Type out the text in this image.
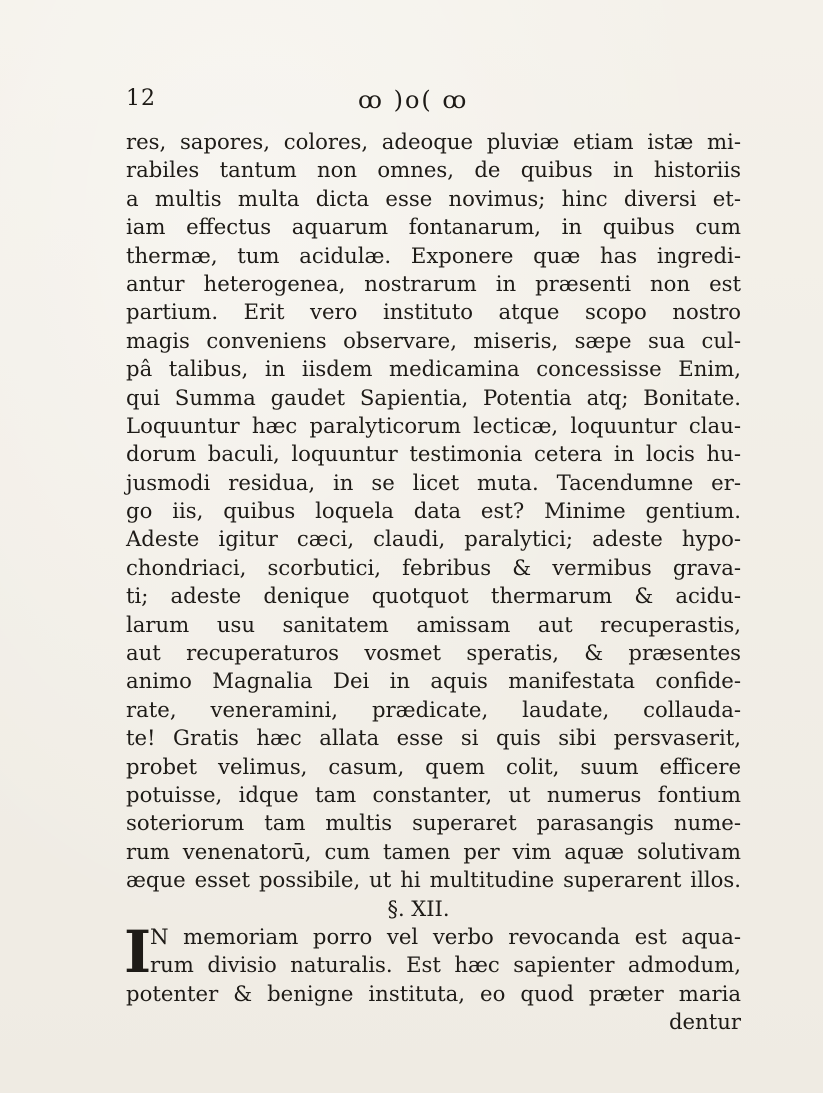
12	ꝏ )o( ꝏ
res, sapores, colores, adeoque pluviæ etiam istæ mi-
rabiles tantum non omnes, de quibus in historiis
a multis multa dicta esse novimus; hinc diversi et-
iam effectus aquarum fontanarum, in quibus cum
thermæ, tum acidulæ. Exponere quæ has ingredi-
antur heterogenea, nostrarum in præsenti non est
partium. Erit vero instituto atque scopo nostro
magis conveniens observare, miseris, sæpe sua cul-
pâ talibus, in iisdem medicamina concessisse Enim,
qui Summa gaudet Sapientia, Potentia atq; Bonitate.
Loquuntur hæc paralyticorum lecticæ, loquuntur clau-
dorum baculi, loquuntur testimonia cetera in locis hu-
jusmodi residua, in se licet muta. Tacendumne er-
go iis, quibus loquela data est? Minime gentium.
Adeste igitur cæci, claudi, paralytici; adeste hypo-
chondriaci, scorbutici, febribus & vermibus grava-
ti; adeste denique quotquot thermarum & acidu-
larum usu sanitatem amissam aut recuperastis,
aut recuperaturos vosmet speratis, & præsentes
animo Magnalia Dei in aquis manifestata confide-
rate, veneramini, prædicate, laudate, collauda-
te! Gratis hæc allata esse si quis sibi persvaserit,
probet velimus, casum, quem colit, suum efficere
potuisse, idque tam constanter, ut numerus fontium
soteriorum tam multis superaret parasangis nume-
rum venenatorū, cum tamen per vim aquæ solutivam
æque esset possibile, ut hi multitudine superarent illos.
§. XII.
I
N memoriam porro vel verbo revocanda est aqua-
rum divisio naturalis. Est hæc sapienter admodum,
potenter & benigne instituta, eo quod præter maria
dentur
